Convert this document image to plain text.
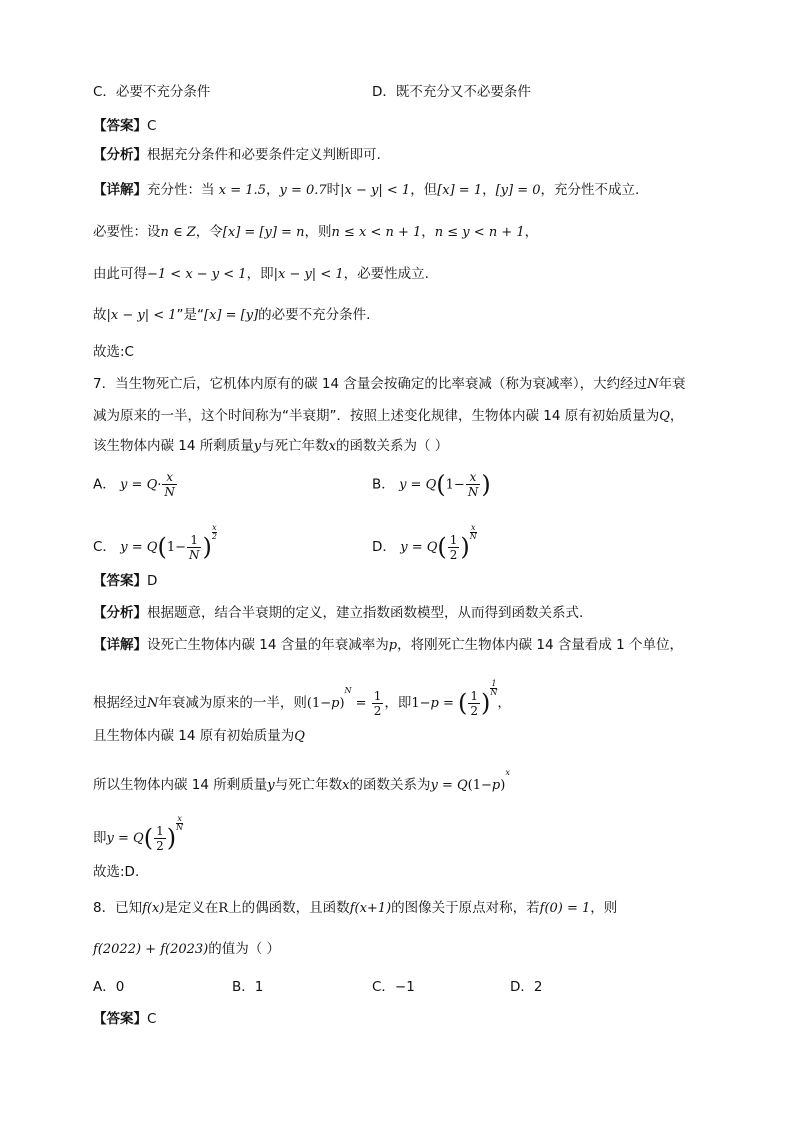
C．必要不充分条件	D．既不充分又不必要条件
【答案】C
【分析】根据充分条件和必要条件定义判断即可.
【详解】充分性：当 x = 1.5，y = 0.7时|x − y| < 1，但[x] = 1，[y] = 0，充分性不成立.
必要性：设n ∈ Z，令[x] = [y] = n，则n ≤ x < n + 1，n ≤ y < n + 1，
由此可得−1 < x − y < 1，即|x − y| < 1，必要性成立.
故|x − y| < 1”是“[x] = [y]的必要不充分条件.
故选:C
7．当生物死亡后，它机体内原有的碳 14 含量会按确定的比率衰减（称为衰减率），大约经过N年衰
减为原来的一半，这个时间称为“半衰期”．按照上述变化规律，生物体内碳 14 原有初始质量为Q，
该生物体内碳 14 所剩质量y与死亡年数x的函数关系为（ ）
A． $y = Q\cdot \frac{x}{N}$	B． $y = Q(1- \frac{x}{N}$ )
C． $y = Q(1- \frac{1}{N}$ )
$\frac{x}{2}$
D． $y = Q( \frac{1}{2}$ )
$\frac{x}{N}$
【答案】D
【分析】根据题意，结合半衰期的定义，建立指数函数模型，从而得到函数关系式.
【详解】设死亡生物体内碳 14 含量的年衰减率为p，将刚死亡生物体内碳 14 含量看成 1 个单位，
根据经过N年衰减为原来的一半，则$(1-p)^N = \frac{1}{2}$ ，即1−p = ( $\frac{1}{2}$ )
$\frac{1}{N}$
，
且生物体内碳 14 原有初始质量为Q
所以生物体内碳 14 所剩质量y与死亡年数x的函数关系为$y = Q(1-p)^x$
即$y = Q( \frac{1}{2}$ )
$\frac{x}{N}$
故选:D.
8．已知f(x)是定义在R上的偶函数，且函数f(x+1)的图像关于原点对称，若f(0) = 1，则
f(2022) + f(2023)的值为（ ）
A．0	B．1	C．−1	D．2
【答案】C
